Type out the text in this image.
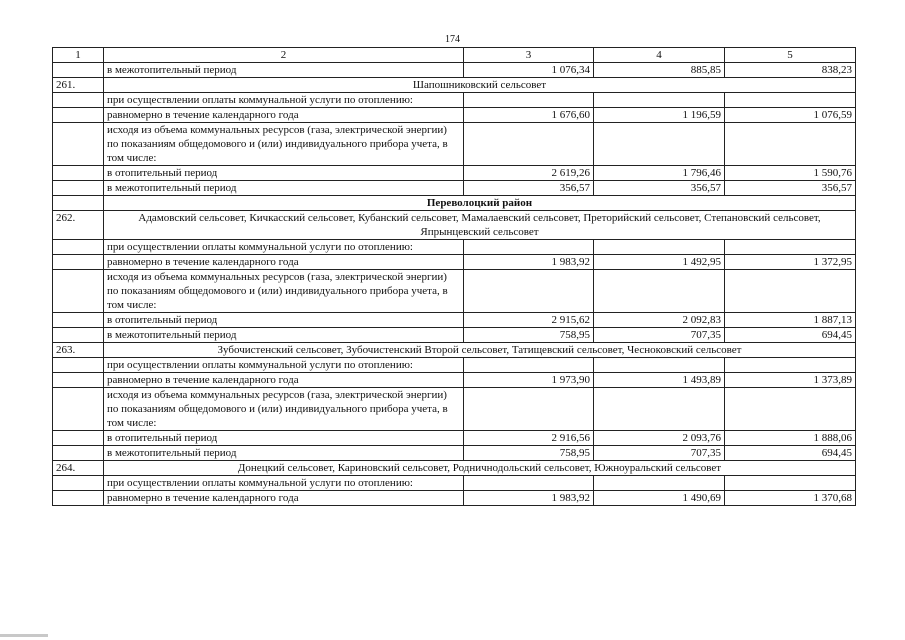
174
1	2	3	4	5
	в межотопительный период	1 076,34	885,85	838,23
261.	Шапошниковский сельсовет			
	при осуществлении оплаты коммунальной услуги по отоплению:			
	равномерно в течение календарного года	1 676,60	1 196,59	1 076,59
	исходя из объема коммунальных ресурсов (газа, электрической энергии) по показаниям общедомового и (или) индивидуального прибора учета, в том числе:			
	в отопительный период	2 619,26	1 796,46	1 590,76
	в межотопительный период	356,57	356,57	356,57
	Переволоцкий район			
262.	Адамовский сельсовет, Кичкасский сельсовет, Кубанский сельсовет, Мамалаевский сельсовет, Преторийский сельсовет, Степановский сельсовет, Япрынцевский сельсовет			
	при осуществлении оплаты коммунальной услуги по отоплению:			
	равномерно в течение календарного года	1 983,92	1 492,95	1 372,95
	исходя из объема коммунальных ресурсов (газа, электрической энергии) по показаниям общедомового и (или) индивидуального прибора учета, в том числе:			
	в отопительный период	2 915,62	2 092,83	1 887,13
	в межотопительный период	758,95	707,35	694,45
263.	Зубочистенский сельсовет, Зубочистенский Второй сельсовет, Татищевский сельсовет, Чесноковский сельсовет			
	при осуществлении оплаты коммунальной услуги по отоплению:			
	равномерно в течение календарного года	1 973,90	1 493,89	1 373,89
	исходя из объема коммунальных ресурсов (газа, электрической энергии) по показаниям общедомового и (или) индивидуального прибора учета, в том числе:			
	в отопительный период	2 916,56	2 093,76	1 888,06
	в межотопительный период	758,95	707,35	694,45
264.	Донецкий сельсовет, Кариновский сельсовет, Родничнодольский сельсовет, Южноуральский сельсовет			
	при осуществлении оплаты коммунальной услуги по отоплению:			
	равномерно в течение календарного года	1 983,92	1 490,69	1 370,68
